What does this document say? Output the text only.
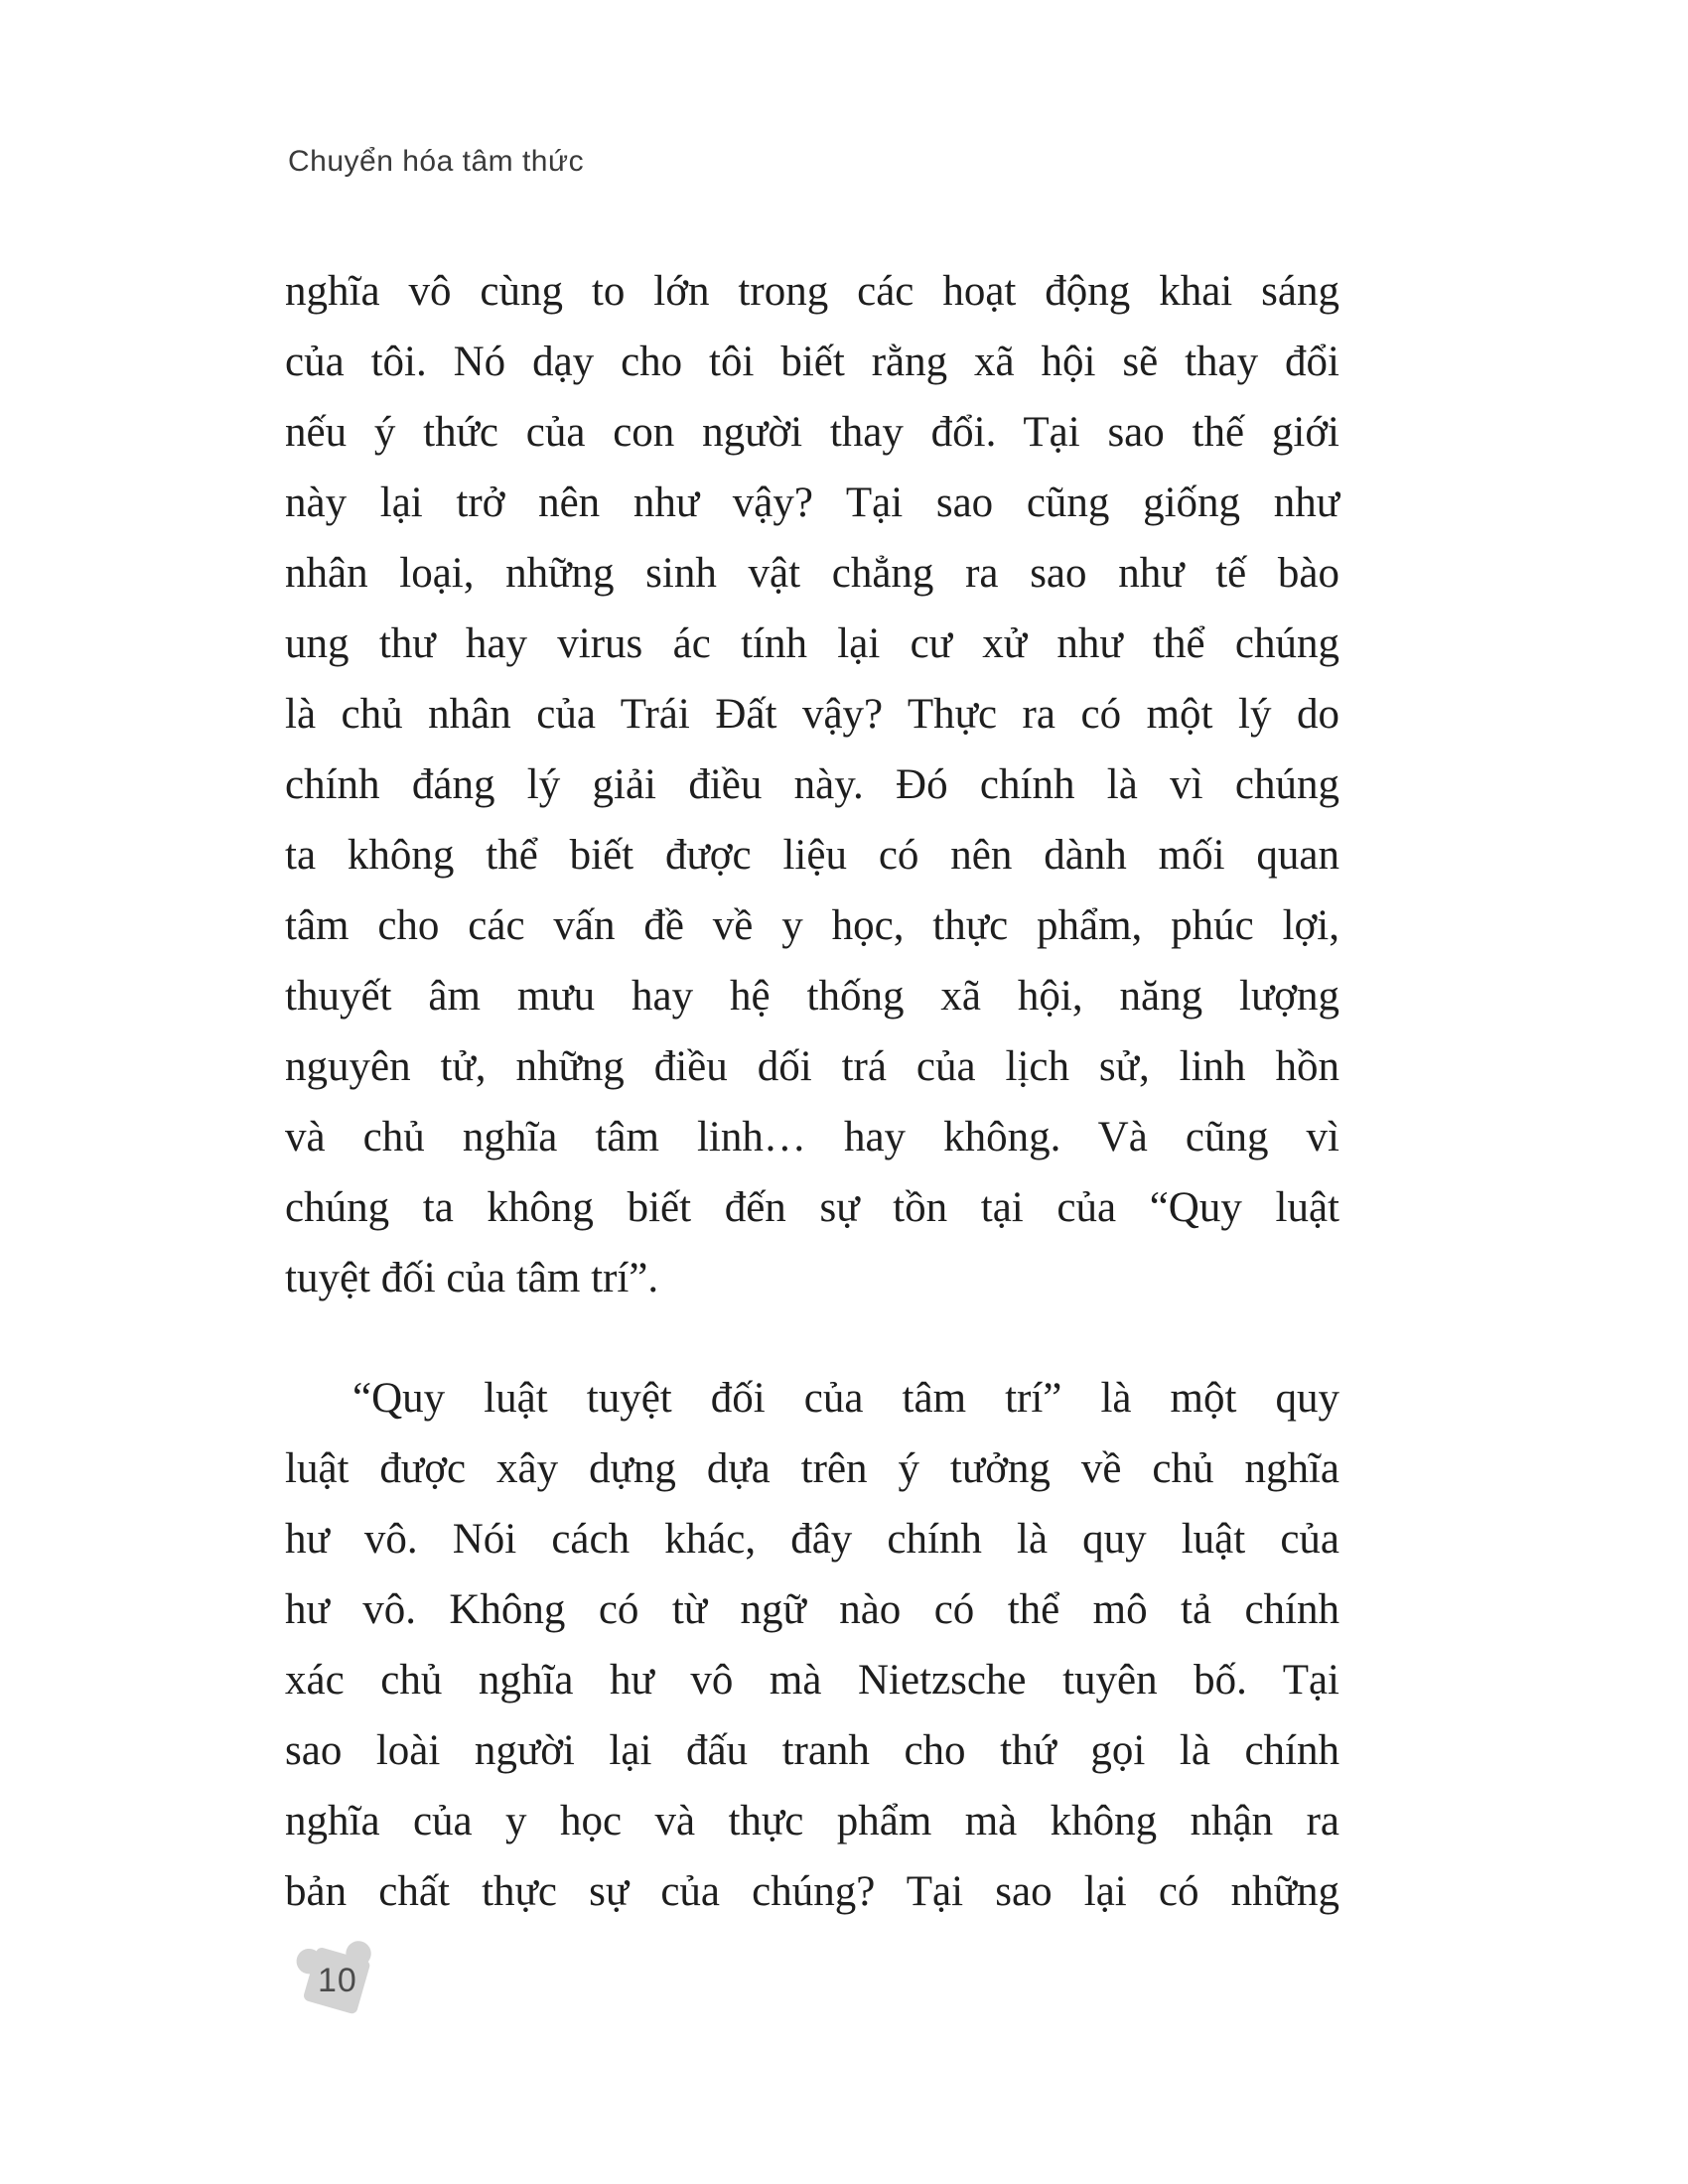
Chuyển hóa tâm thức
nghĩa vô cùng to lớn trong các hoạt động khai sáng
của tôi. Nó dạy cho tôi biết rằng xã hội sẽ thay đổi
nếu ý thức của con người thay đổi. Tại sao thế giới
này lại trở nên như vậy? Tại sao cũng giống như
nhân loại, những sinh vật chẳng ra sao như tế bào
ung thư hay virus ác tính lại cư xử như thể chúng
là chủ nhân của Trái Đất vậy? Thực ra có một lý do
chính đáng lý giải điều này. Đó chính là vì chúng
ta không thể biết được liệu có nên dành mối quan
tâm cho các vấn đề về y học, thực phẩm, phúc lợi,
thuyết âm mưu hay hệ thống xã hội, năng lượng
nguyên tử, những điều dối trá của lịch sử, linh hồn
và chủ nghĩa tâm linh… hay không. Và cũng vì
chúng ta không biết đến sự tồn tại của “Quy luật
tuyệt đối của tâm trí”.
“Quy luật tuyệt đối của tâm trí” là một quy
luật được xây dựng dựa trên ý tưởng về chủ nghĩa
hư vô. Nói cách khác, đây chính là quy luật của
hư vô. Không có từ ngữ nào có thể mô tả chính
xác chủ nghĩa hư vô mà Nietzsche tuyên bố. Tại
sao loài người lại đấu tranh cho thứ gọi là chính
nghĩa của y học và thực phẩm mà không nhận ra
bản chất thực sự của chúng? Tại sao lại có những
10
